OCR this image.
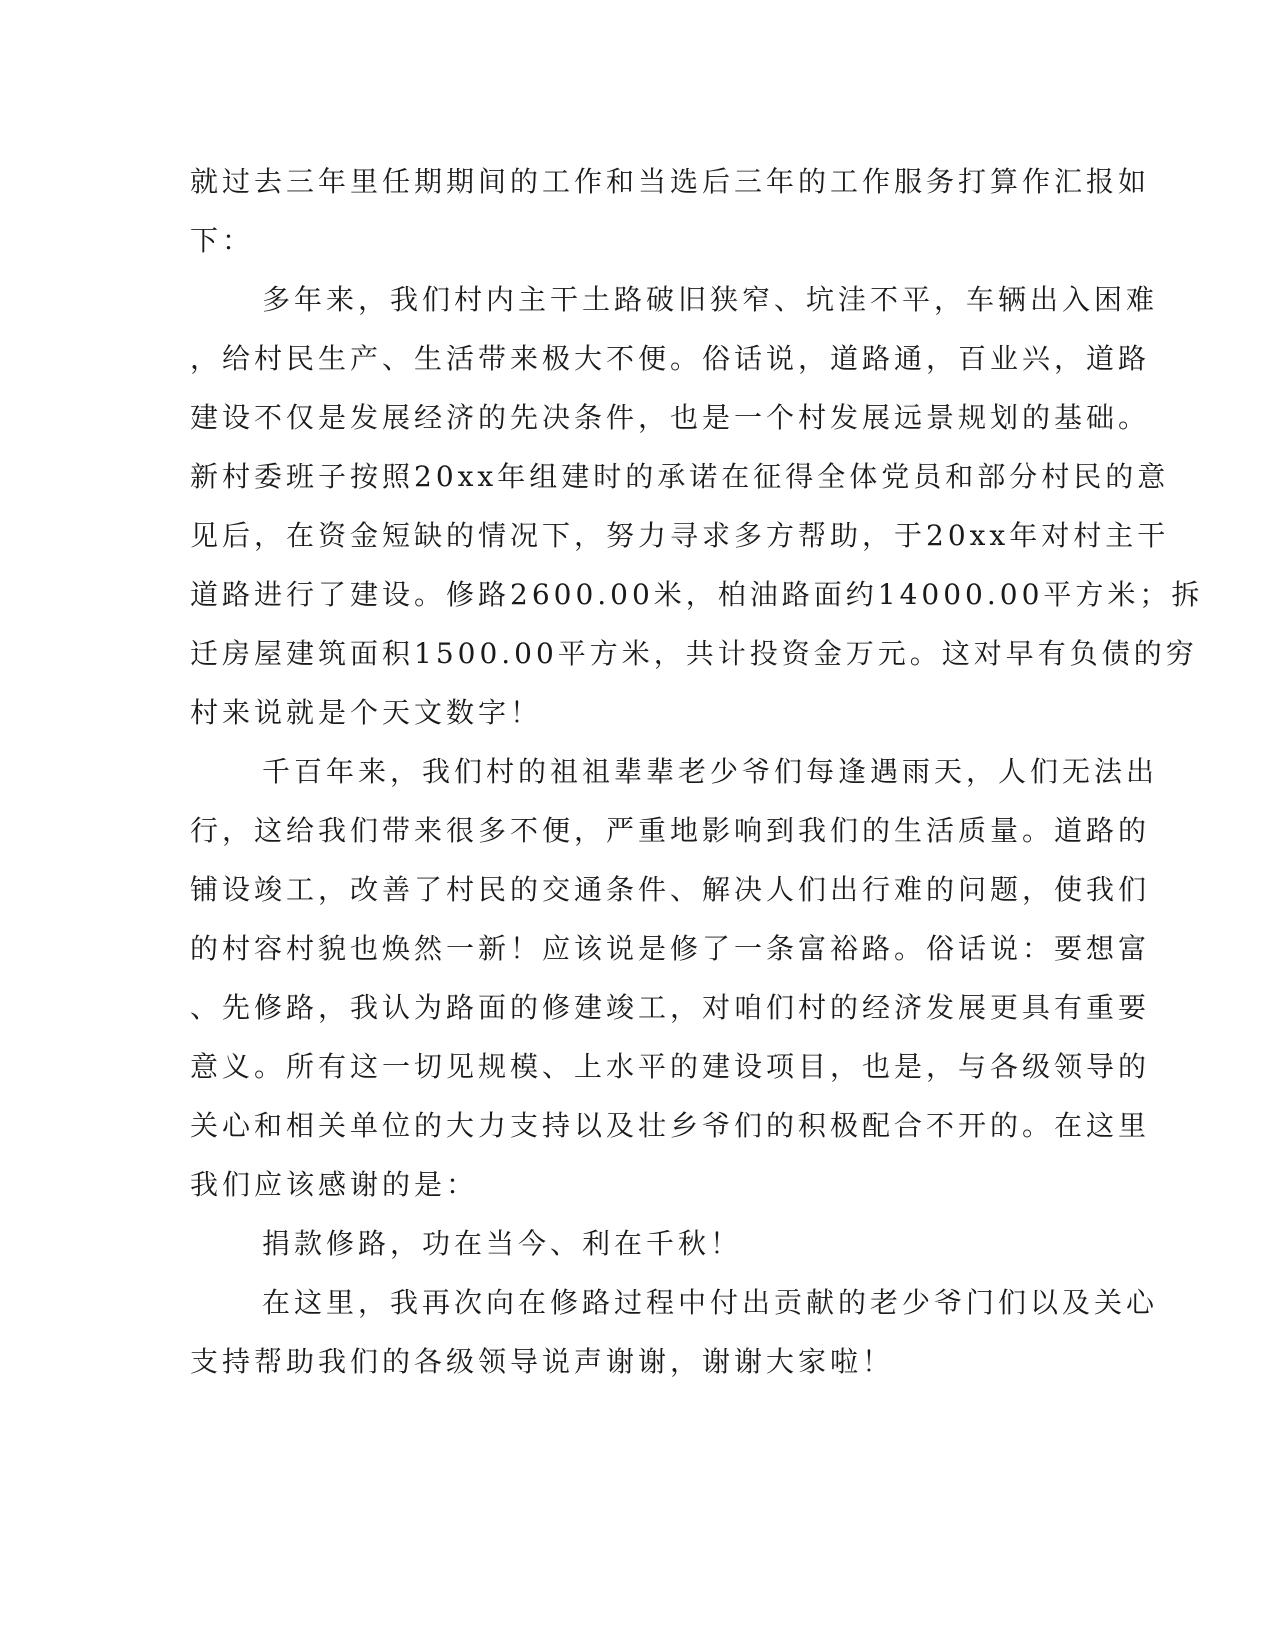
就过去三年里任期期间的工作和当选后三年的工作服务打算作汇报如
下：
多年来，我们村内主干土路破旧狭窄、坑洼不平，车辆出入困难
，给村民生产、生活带来极大不便。俗话说，道路通，百业兴，道路
建设不仅是发展经济的先决条件，也是一个村发展远景规划的基础。
新村委班子按照20xx年组建时的承诺在征得全体党员和部分村民的意
见后，在资金短缺的情况下，努力寻求多方帮助，于20xx年对村主干
道路进行了建设。修路2600.00米，柏油路面约14000.00平方米；拆
迁房屋建筑面积1500.00平方米，共计投资金万元。这对早有负债的穷
村来说就是个天文数字！
千百年来，我们村的祖祖辈辈老少爷们每逢遇雨天，人们无法出
行，这给我们带来很多不便，严重地影响到我们的生活质量。道路的
铺设竣工，改善了村民的交通条件、解决人们出行难的问题，使我们
的村容村貌也焕然一新！应该说是修了一条富裕路。俗话说：要想富
、先修路，我认为路面的修建竣工，对咱们村的经济发展更具有重要
意义。所有这一切见规模、上水平的建设项目，也是，与各级领导的
关心和相关单位的大力支持以及壮乡爷们的积极配合不开的。在这里
我们应该感谢的是：
捐款修路，功在当今、利在千秋！
在这里，我再次向在修路过程中付出贡献的老少爷门们以及关心
支持帮助我们的各级领导说声谢谢，谢谢大家啦！
